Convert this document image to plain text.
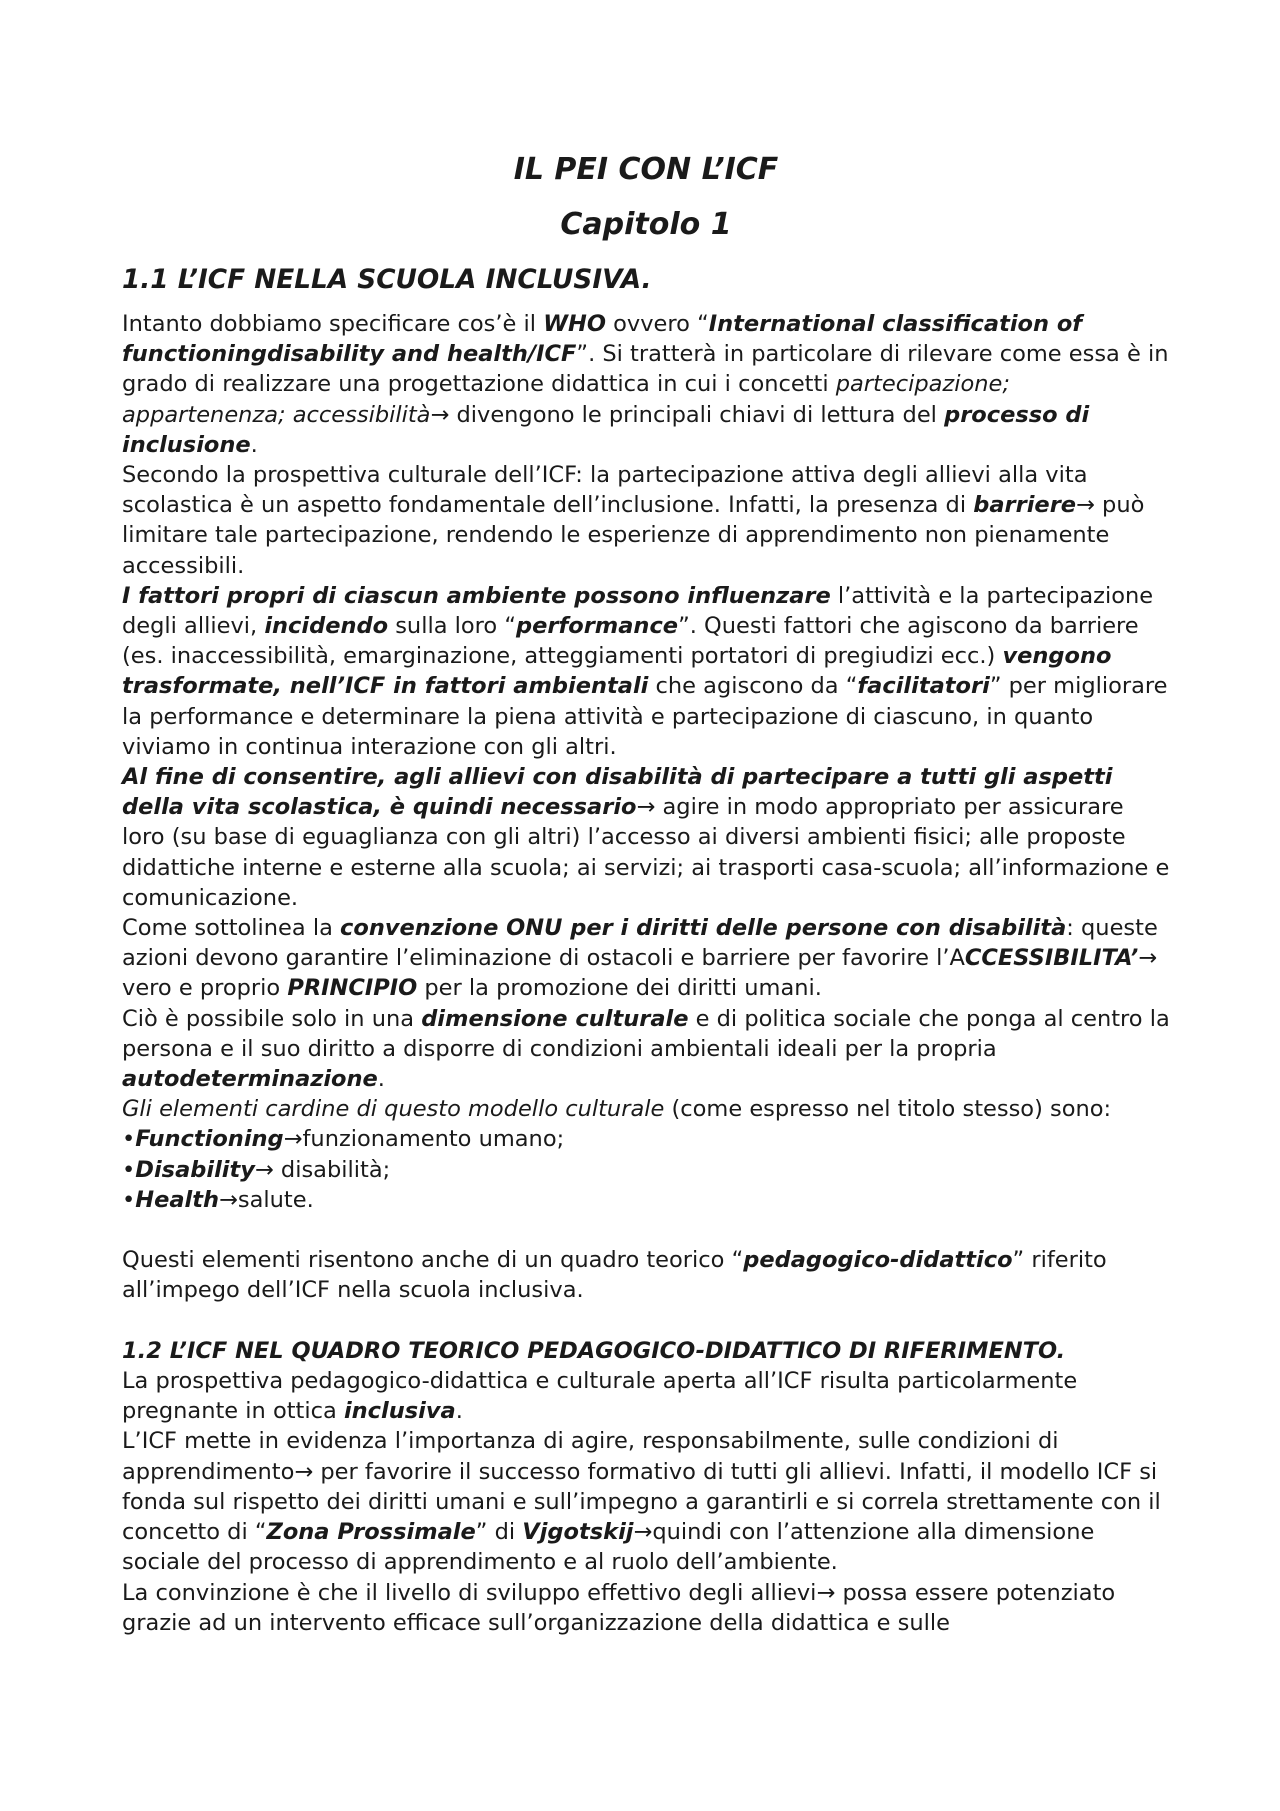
IL PEI CON L’ICF
Capitolo 1
1.1 L’ICF NELLA SCUOLA INCLUSIVA.

Intanto dobbiamo specificare cos’è il WHO ovvero “International classification of functioningdisability and health/ICF”. Si tratterà in particolare di rilevare come essa è in grado di realizzare una progettazione didattica in cui i concetti partecipazione; appartenenza; accessibilità→ divengono le principali chiavi di lettura del processo di inclusione.

Secondo la prospettiva culturale dell’ICF: la partecipazione attiva degli allievi alla vita scolastica è un aspetto fondamentale dell’inclusione. Infatti, la presenza di barriere→ può limitare tale partecipazione, rendendo le esperienze di apprendimento non pienamente accessibili.

I fattori propri di ciascun ambiente possono influenzare l’attività e la partecipazione degli allievi, incidendo sulla loro “performance”. Questi fattori che agiscono da barriere (es. inaccessibilità, emarginazione, atteggiamenti portatori di pregiudizi ecc.) vengono trasformate, nell’ICF in fattori ambientali che agiscono da “facilitatori” per migliorare la performance e determinare la piena attività e partecipazione di ciascuno, in quanto viviamo in continua interazione con gli altri.

Al fine di consentire, agli allievi con disabilità di partecipare a tutti gli aspetti della vita scolastica, è quindi necessario→ agire in modo appropriato per assicurare loro (su base di eguaglianza con gli altri) l’accesso ai diversi ambienti fisici; alle proposte didattiche interne e esterne alla scuola; ai servizi; ai trasporti casa-scuola; all’informazione e comunicazione.

Come sottolinea la convenzione ONU per i diritti delle persone con disabilità: queste azioni devono garantire l’eliminazione di ostacoli e barriere per favorire l’ACCESSIBILITA’→ vero e proprio PRINCIPIO per la promozione dei diritti umani.

Ciò è possibile solo in una dimensione culturale e di politica sociale che ponga al centro la persona e il suo diritto a disporre di condizioni ambientali ideali per la propria autodeterminazione.

Gli elementi cardine di questo modello culturale (come espresso nel titolo stesso) sono:

•Functioning→funzionamento umano;

•Disability→ disabilità;

•Health→salute.

Questi elementi risentono anche di un quadro teorico “pedagogico-didattico” riferito all’impego dell’ICF nella scuola inclusiva.

1.2 L’ICF NEL QUADRO TEORICO PEDAGOGICO-DIDATTICO DI RIFERIMENTO.

La prospettiva pedagogico-didattica e culturale aperta all’ICF risulta particolarmente pregnante in ottica inclusiva.

L’ICF mette in evidenza l’importanza di agire, responsabilmente, sulle condizioni di apprendimento→ per favorire il successo formativo di tutti gli allievi. Infatti, il modello ICF si fonda sul rispetto dei diritti umani e sull’impegno a garantirli e si correla strettamente con il concetto di “Zona Prossimale” di Vjgotskij→quindi con l’attenzione alla dimensione sociale del processo di apprendimento e al ruolo dell’ambiente.

La convinzione è che il livello di sviluppo effettivo degli allievi→ possa essere potenziato grazie ad un intervento efficace sull’organizzazione della didattica e sulle
